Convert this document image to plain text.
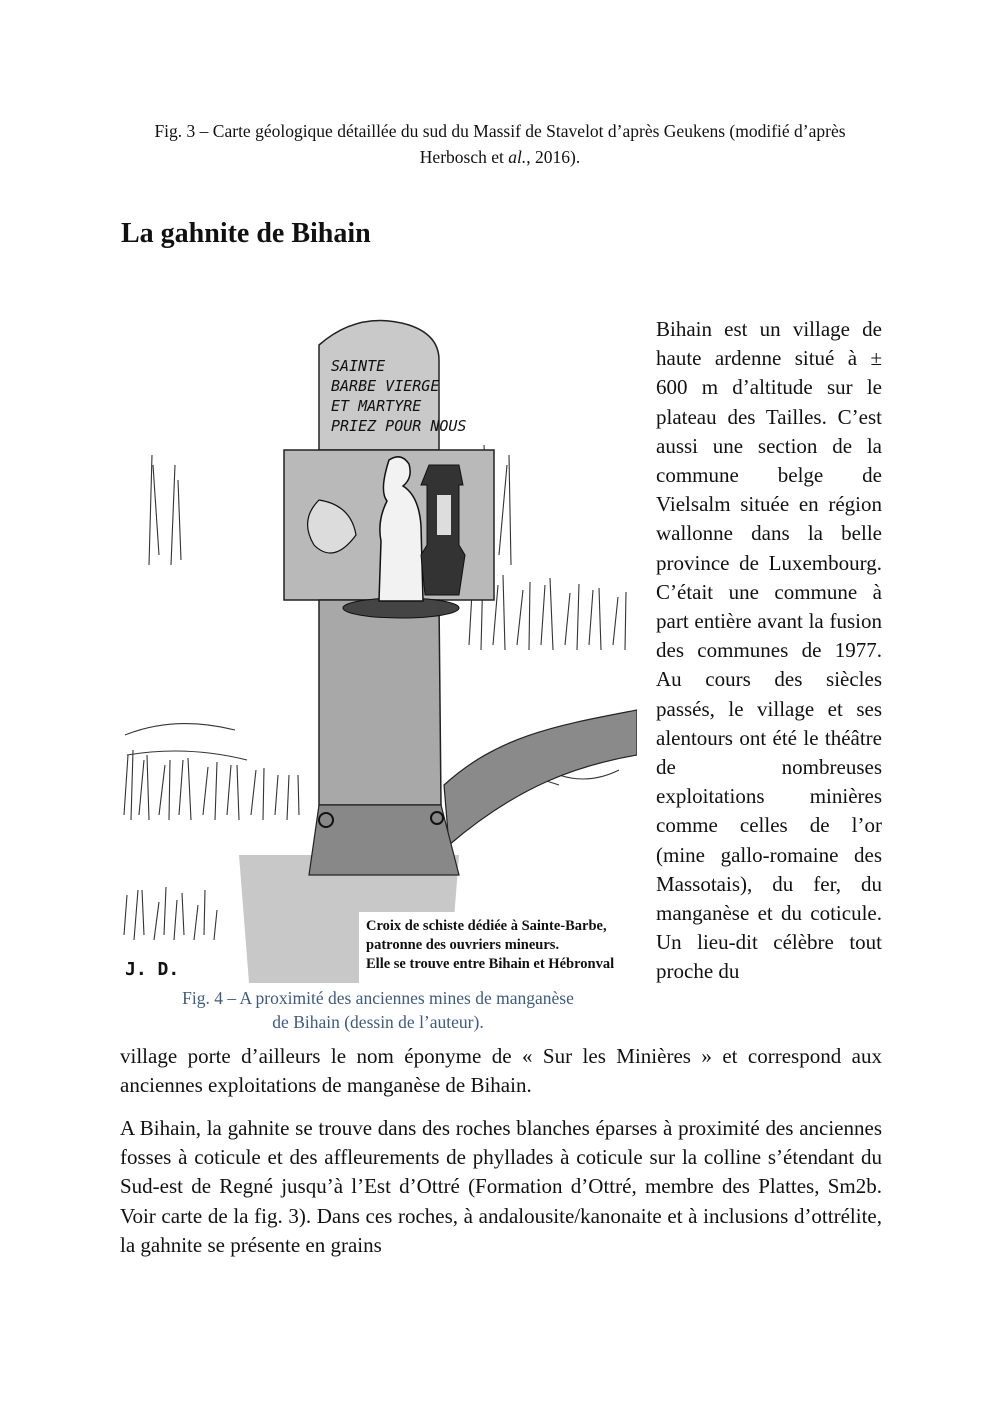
Fig. 3 – Carte géologique détaillée du sud du Massif de Stavelot d’après Geukens (modifié d’après Herbosch et al., 2016).
La gahnite de Bihain
SAINTE
BARBE VIERGE
ET MARTYRE
PRIEZ POUR NOUS
Croix de schiste dédiée à Sainte-Barbe,
patronne des ouvriers mineurs.
Elle se trouve entre Bihain et Hébronval
J. D.
Fig. 4 – A proximité des anciennes mines de manganèse
de Bihain (dessin de l’auteur).

Bihain est un village de haute ardenne situé à ± 600 m d’altitude sur le plateau des Tailles. C’est aussi une section de la commune belge de Vielsalm située en région wallonne dans la belle province de Luxembourg. C’était une commune à part entière avant la fusion des communes de 1977. Au cours des siècles passés, le village et ses alentours ont été le théâtre de nombreuses exploitations minières comme celles de l’or (mine gallo-romaine des Massotais), du fer, du manganèse et du coticule. Un lieu-dit célèbre tout proche du

village porte d’ailleurs le nom éponyme de « Sur les Minières » et correspond aux anciennes exploitations de manganèse de Bihain.

A Bihain, la gahnite se trouve dans des roches blanches éparses à proximité des anciennes fosses à coticule et des affleurements de phyllades à coticule sur la colline s’étendant du Sud-est de Regné jusqu’à l’Est d’Ottré (Formation d’Ottré, membre des Plattes, Sm2b. Voir carte de la fig. 3). Dans ces roches, à andalousite/kanonaite et à inclusions d’ottrélite, la gahnite se présente en grains
